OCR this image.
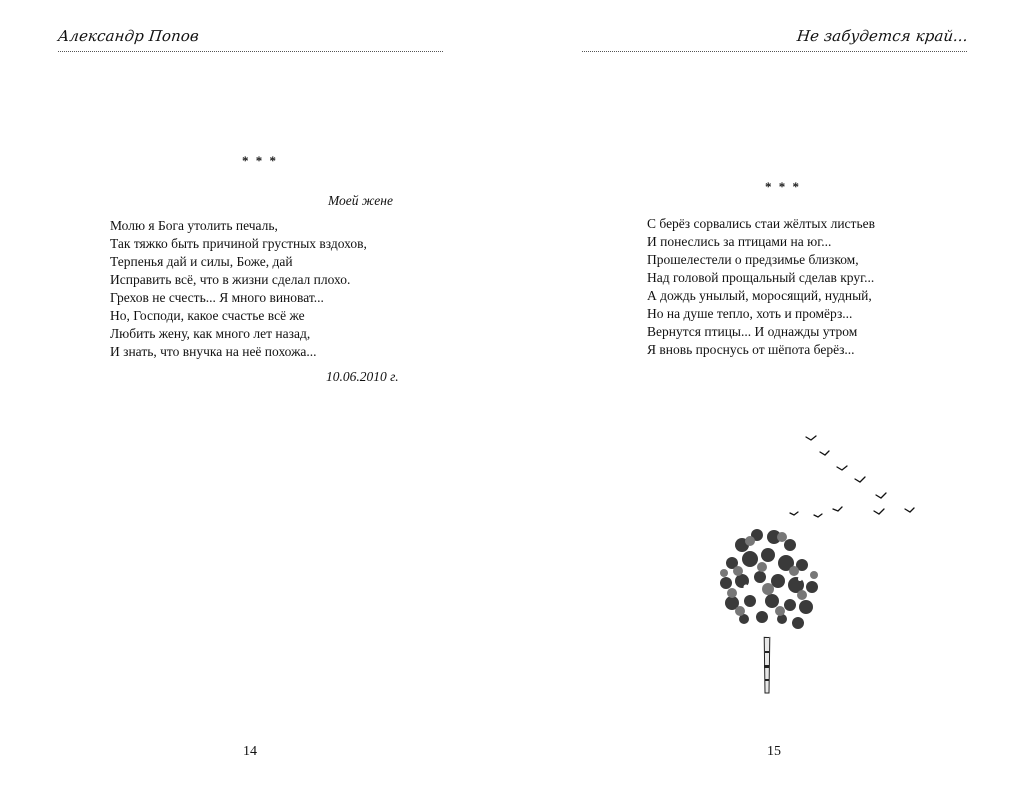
Александр Попов
* * *
Моей жене
Молю я Бога утолить печаль,
Так тяжко быть причиной грустных вздохов,
Терпенья дай и силы, Боже, дай
Исправить всё, что в жизни сделал плохо.
Грехов не счесть... Я много виноват...
Но, Господи, какое счастье всё же
Любить жену, как много лет назад,
И знать, что внучка на неё похожа...
10.06.2010 г.
14
Не забудется край...
* * *
С берёз сорвались стаи жёлтых листьев
И понеслись за птицами на юг...
Прошелестели о предзимье близком,
Над головой прощальный сделав круг...
А дождь унылый, моросящий, нудный,
Но на душе тепло, хоть и промёрз...
Вернутся птицы... И однажды утром
Я вновь проснусь от шёпота берёз...
15
